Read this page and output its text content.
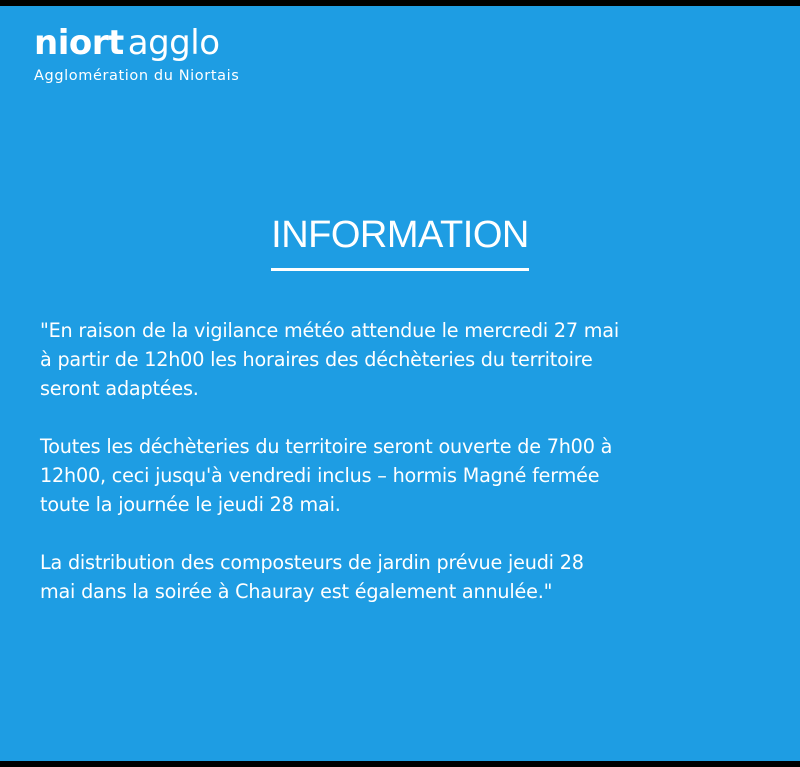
niort agglo
Agglomération du Niortais
INFORMATION

"En raison de la vigilance météo attendue le mercredi 27 mai
à partir de 12h00 les horaires des déchèteries du territoire
seront adaptées.

Toutes les déchèteries du territoire seront ouverte de 7h00 à
12h00, ceci jusqu'à vendredi inclus – hormis Magné fermée
toute la journée le jeudi 28 mai.

La distribution des composteurs de jardin prévue jeudi 28
mai dans la soirée à Chauray est également annulée."
